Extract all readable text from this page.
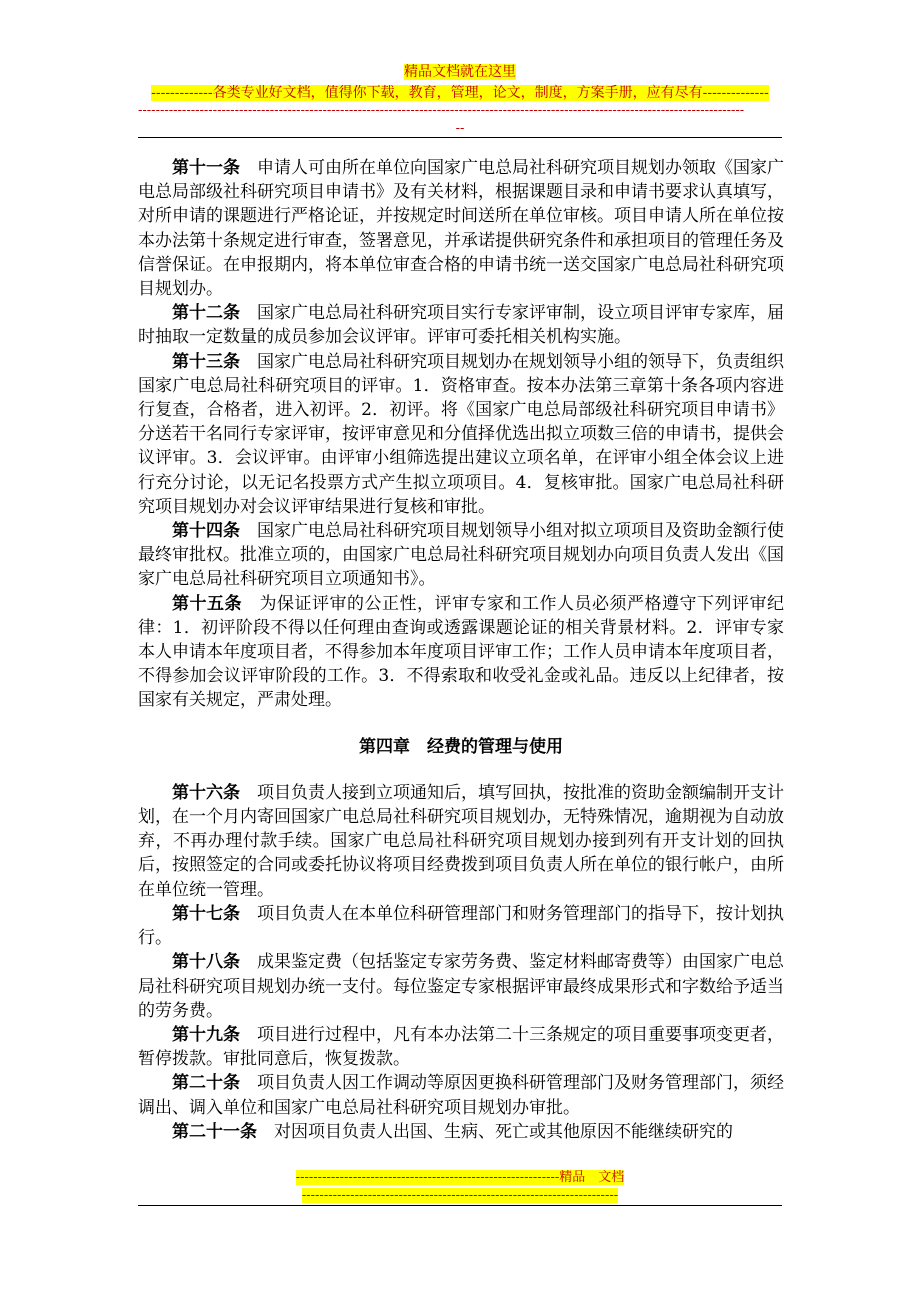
精品文档就在这里
-------------各类专业好文档，值得你下载，教育，管理，论文，制度，方案手册，应有尽有--------------
------------------------------------------------------------------------------------------------------------------------------------------
--

第十一条　 申请人可由所在单位向国家广电总局社科研究项目规划办领取《国家广电总局部级社科研究项目申请书》及有关材料，根据课题目录和申请书要求认真填写，对所申请的课题进行严格论证，并按规定时间送所在单位审核。项目申请人所在单位按本办法第十条规定进行审查，签署意见，并承诺提供研究条件和承担项目的管理任务及信誉保证。在申报期内，将本单位审查合格的申请书统一送交国家广电总局社科研究项目规划办。

第十二条　 国家广电总局社科研究项目实行专家评审制，设立项目评审专家库，届时抽取一定数量的成员参加会议评审。评审可委托相关机构实施。

第十三条　 国家广电总局社科研究项目规划办在规划领导小组的领导下，负责组织国家广电总局社科研究项目的评审。1．资格审查。按本办法第三章第十条各项内容进行复查，合格者，进入初评。2．初评。将《国家广电总局部级社科研究项目申请书》分送若干名同行专家评审，按评审意见和分值择优选出拟立项数三倍的申请书，提供会议评审。3．会议评审。由评审小组筛选提出建议立项名单，在评审小组全体会议上进行充分讨论，以无记名投票方式产生拟立项项目。4．复核审批。国家广电总局社科研究项目规划办对会议评审结果进行复核和审批。

第十四条　 国家广电总局社科研究项目规划领导小组对拟立项项目及资助金额行使最终审批权。批准立项的，由国家广电总局社科研究项目规划办向项目负责人发出《国家广电总局社科研究项目立项通知书》。

第十五条　 为保证评审的公正性，评审专家和工作人员必须严格遵守下列评审纪律：1．初评阶段不得以任何理由查询或透露课题论证的相关背景材料。2．评审专家本人申请本年度项目者，不得参加本年度项目评审工作；工作人员申请本年度项目者，不得参加会议评审阶段的工作。3．不得索取和收受礼金或礼品。违反以上纪律者，按国家有关规定，严肃处理。

第四章　经费的管理与使用

第十六条　 项目负责人接到立项通知后，填写回执，按批准的资助金额编制开支计划，在一个月内寄回国家广电总局社科研究项目规划办，无特殊情况，逾期视为自动放弃，不再办理付款手续。国家广电总局社科研究项目规划办接到列有开支计划的回执后，按照签定的合同或委托协议将项目经费拨到项目负责人所在单位的银行帐户，由所在单位统一管理。

第十七条　 项目负责人在本单位科研管理部门和财务管理部门的指导下，按计划执行。

第十八条　 成果鉴定费（包括鉴定专家劳务费、鉴定材料邮寄费等）由国家广电总局社科研究项目规划办统一支付。每位鉴定专家根据评审最终成果形式和字数给予适当的劳务费。

第十九条　 项目进行过程中，凡有本办法第二十三条规定的项目重要事项变更者，暂停拨款。审批同意后，恢复拨款。

第二十条　 项目负责人因工作调动等原因更换科研管理部门及财务管理部门，须经调出、调入单位和国家广电总局社科研究项目规划办审批。

第二十一条　 对因项目负责人出国、生病、死亡或其他原因不能继续研究的

------------------------------------------------------------精品　文档
------------------------------------------------------------------------
